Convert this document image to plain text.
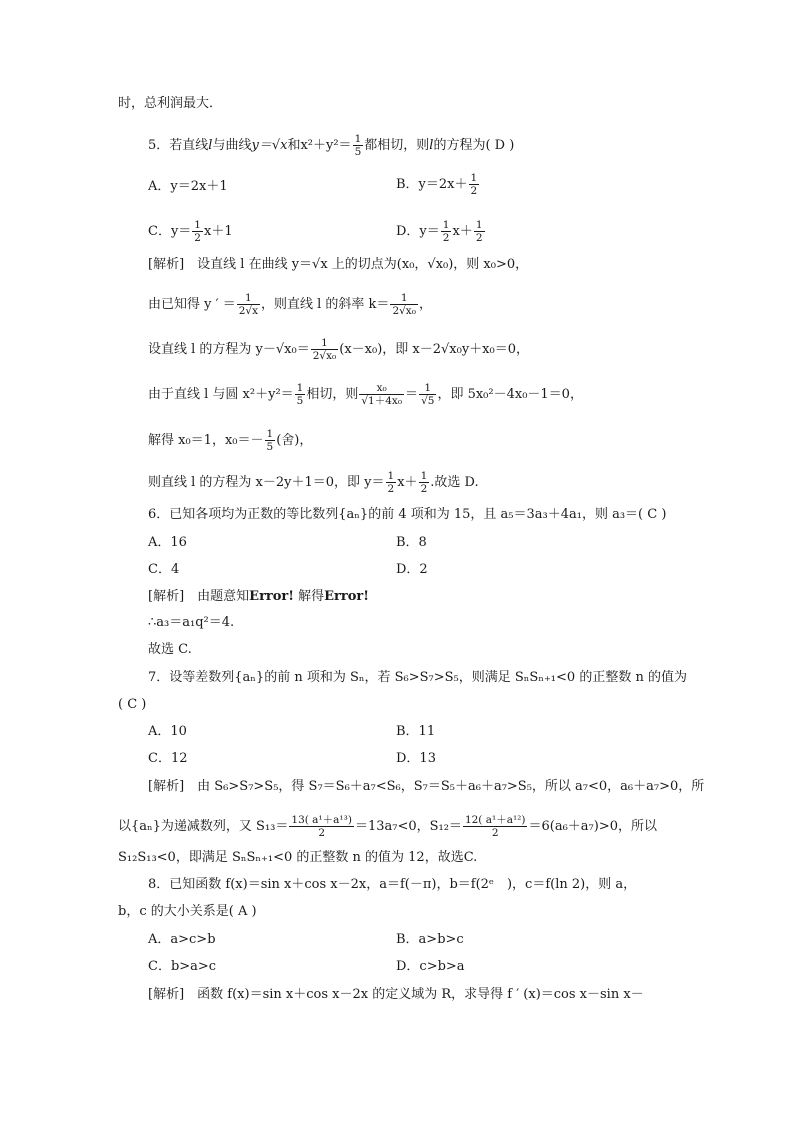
时，总利润最大．
5．若直线l与曲线y＝√x和$x^2+y^2= \frac{1}{5}$ 都相切，则l的方程为( D )
A．y＝2x＋1	B．$y=2x+ \frac{1}{2}$
C．$y= \frac{1}{2} x+1$	D．$y= \frac{1}{2} x+ \frac{1}{2}$
[解析]　设直线 l 在曲线 y＝√x 上的切点为(x₀，√x₀)，则 x₀>0，
由已知得 y ′ ＝ $\frac{1}{2√x}$ ，则直线 l 的斜率 $k= \frac{1}{\text{2√x₀}}$ ，
设直线 l 的方程为 $y-√x_0= \frac{1}{\text{2√x₀}} (x-x_0)$，即 x－2√x₀y＋x₀＝0，
由于直线 l 与圆 $x^2+y^2= \frac{1}{5}$ 相切，则 $\frac{\text{x₀}}{\text{√1＋4x₀}} = \frac{1}{√5}$ ，即 5x₀²－4x₀－1＝0，
解得 x₀＝1，$x_0=- \frac{1}{5}$ (舍)，
则直线 l 的方程为 x－2y＋1＝0，即 $y= \frac{1}{2} x+ \frac{1}{2}$ .故选 D.
6．已知各项均为正数的等比数列{aₙ}的前 4 项和为 15，且 a₅＝3a₃＋4a₁，则 a₃＝( C )
A．16	B．8
C．4	D．2
[解析]　由题意知Error! 解得Error!
∴a₃＝a₁q²＝4.
故选 C.
7．设等差数列{aₙ}的前 n 项和为 Sₙ，若 S₆>S₇>S₅，则满足 SₙSₙ₊₁<0 的正整数 n 的值为
( C )
A．10	B．11
C．12	D．13
[解析]　由 S₆>S₇>S₅，得 S₇＝S₆＋a₇<S₆，S₇＝S₅＋a₆＋a₇>S₅，所以 a₇<0，a₆＋a₇>0，所
以{aₙ}为递减数列，又 $S_{13}= \frac{\text{13( a¹＋a¹³)}}{2} =13a_7<0$，$S_{12}= \frac{\text{12( a¹＋a¹²)}}{2} =6(a_6+a_7)>0$，所以
S₁₂S₁₃<0，即满足 SₙSₙ₊₁<0 的正整数 n 的值为 12，故选C.
8．已知函数 f(x)＝sin x＋cos x－2x，a＝f(－π)，b＝f(2ᵉ　)，c＝f(ln 2)，则 a，
b，c 的大小关系是( A )
A．a>c>b	B．a>b>c
C．b>a>c	D．c>b>a
[解析]　函数 f(x)＝sin x＋cos x－2x 的定义域为 R，求导得 f ′ (x)＝cos x－sin x－
